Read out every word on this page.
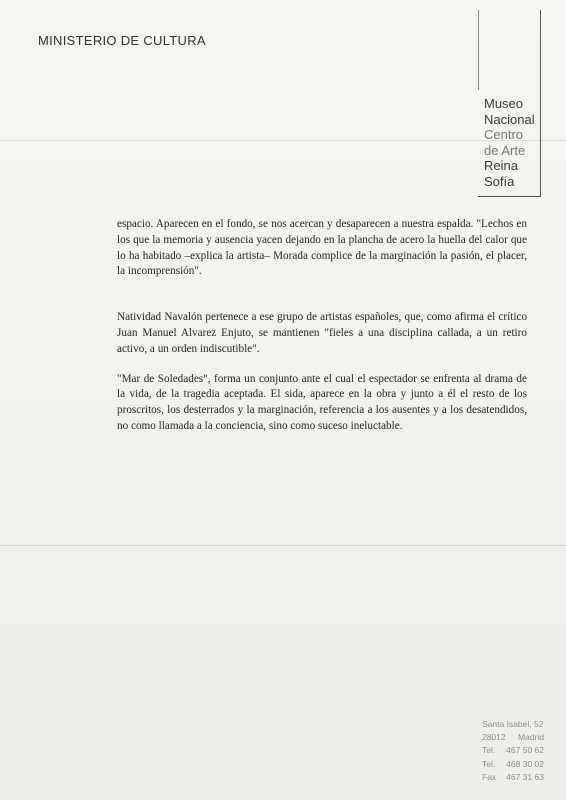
MINISTERIO DE CULTURA
Museo
Nacional
Centro
de Arte
Reina
Sofía

espacio. Aparecen en el fondo, se nos acercan y desaparecen a nuestra espalda. "Lechos en los que la memoria y ausencia yacen dejando en la plancha de acero la huella del calor que lo ha habitado –explica la artista– Morada complice de la marginación la pasión, el placer, la incomprensión".

Natividad Navalón pertenece a ese grupo de artistas españoles, que, como afirma el crítico Juan Manuel Alvarez Enjuto, se mantienen "fieles a una disciplina callada, a un retiro activo, a un orden indiscutible".

"Mar de Soledades", forma un conjunto ante el cual el espectador se enfrenta al drama de la vida, de la tragedia aceptada. El sida, aparece en la obra y junto a él el resto de los proscritos, los desterrados y la marginación, referencia a los ausentes y a los desatendidos, no como llamada a la conciencia, sino como suceso ineluctable.

Santa Isabel, 52
28012 Madrid
Tel. 467 50 62
Tel. 468 30 02
Fax 467 31 63
